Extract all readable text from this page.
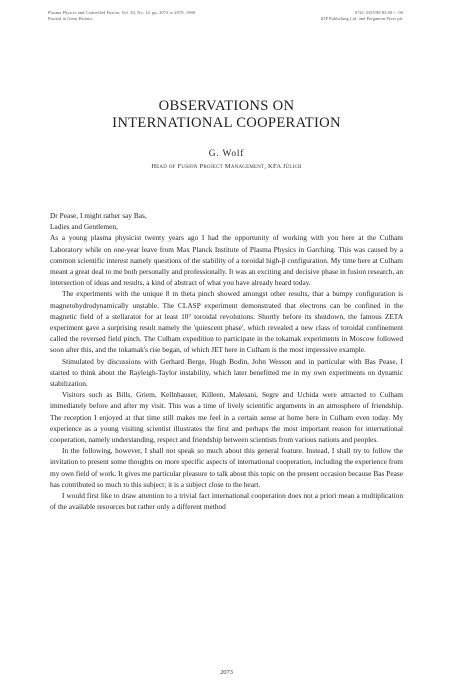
Plasma Physics and Controlled Fusion, Vol. 30, No. 14, pp. 2073 to 2079, 1988
Printed in Great Britain.
0741-3335/88 $3.00 + .00
IOP Publishing Ltd. and Pergamon Press plc
OBSERVATIONS ON
INTERNATIONAL COOPERATION
G. Wolf
Head of Fusion Project Management, KFA Jülich

Dr Pease, I might rather say Bas,

Ladies and Gentlemen,

As a young plasma physicist twenty years ago I had the opportunity of working with you here at the Culham Laboratory while on one-year leave from Max Planck Institute of Plasma Physics in Garching. This was caused by a common scientific interest namely questions of the stability of a toroidal high-β configuration. My time here at Culham meant a great deal to me both personally and professionally. It was an exciting and decisive phase in fusion research, an intersection of ideas and results, a kind of abstract of what you have already heard today.

The experiments with the unique 8 m theta pinch showed amongst other results, that a bumpy configuration is magnetohydrodynamically unstable. The CLASP experiment demonstrated that electrons can be confined in the magnetic field of a stellarator for at least 10⁷ toroidal revolutions. Shortly before its shutdown, the famous ZETA experiment gave a surprising result namely the 'quiescent phase', which revealed a new class of toroidal confinement called the reversed field pinch. The Culham expedition to participate in the tokamak experiments in Moscow followed soon after this, and the tokamak's rise began, of which JET here in Culham is the most impressive example.

Stimulated by discussions with Gerhard Berge, Hugh Bodin, John Wesson and in particular with Bas Pease, I started to think about the Rayleigh-Taylor instability, which later benefitted me in my own experiments on dynamic stabilization.

Visitors such as Bills, Griem, Kellnhauser, Killeen, Malesani, Segre and Uchida were attracted to Culham immediately before and after my visit. This was a time of lively scientific arguments in an atmosphere of friendship. The reception I enjoyed at that time still makes me feel in a certain sense at home here in Culham even today. My experience as a young visiting scientist illustrates the first and perhaps the most important reason for international cooperation, namely understanding, respect and friendship between scientists from various nations and peoples.

In the following, however, I shall not speak so much about this general feature. Instead, I shall try to follow the invitation to present some thoughts on more specific aspects of international cooperation, including the experience from my own field of work. It gives me particular pleasure to talk about this topic on the present occasion because Bas Pease has contributed so much to this subject; it is a subject close to the heart.

I would first like to draw attention to a trivial fact international cooperation does not a priori mean a multiplication of the available resources but rather only a different method

2073
